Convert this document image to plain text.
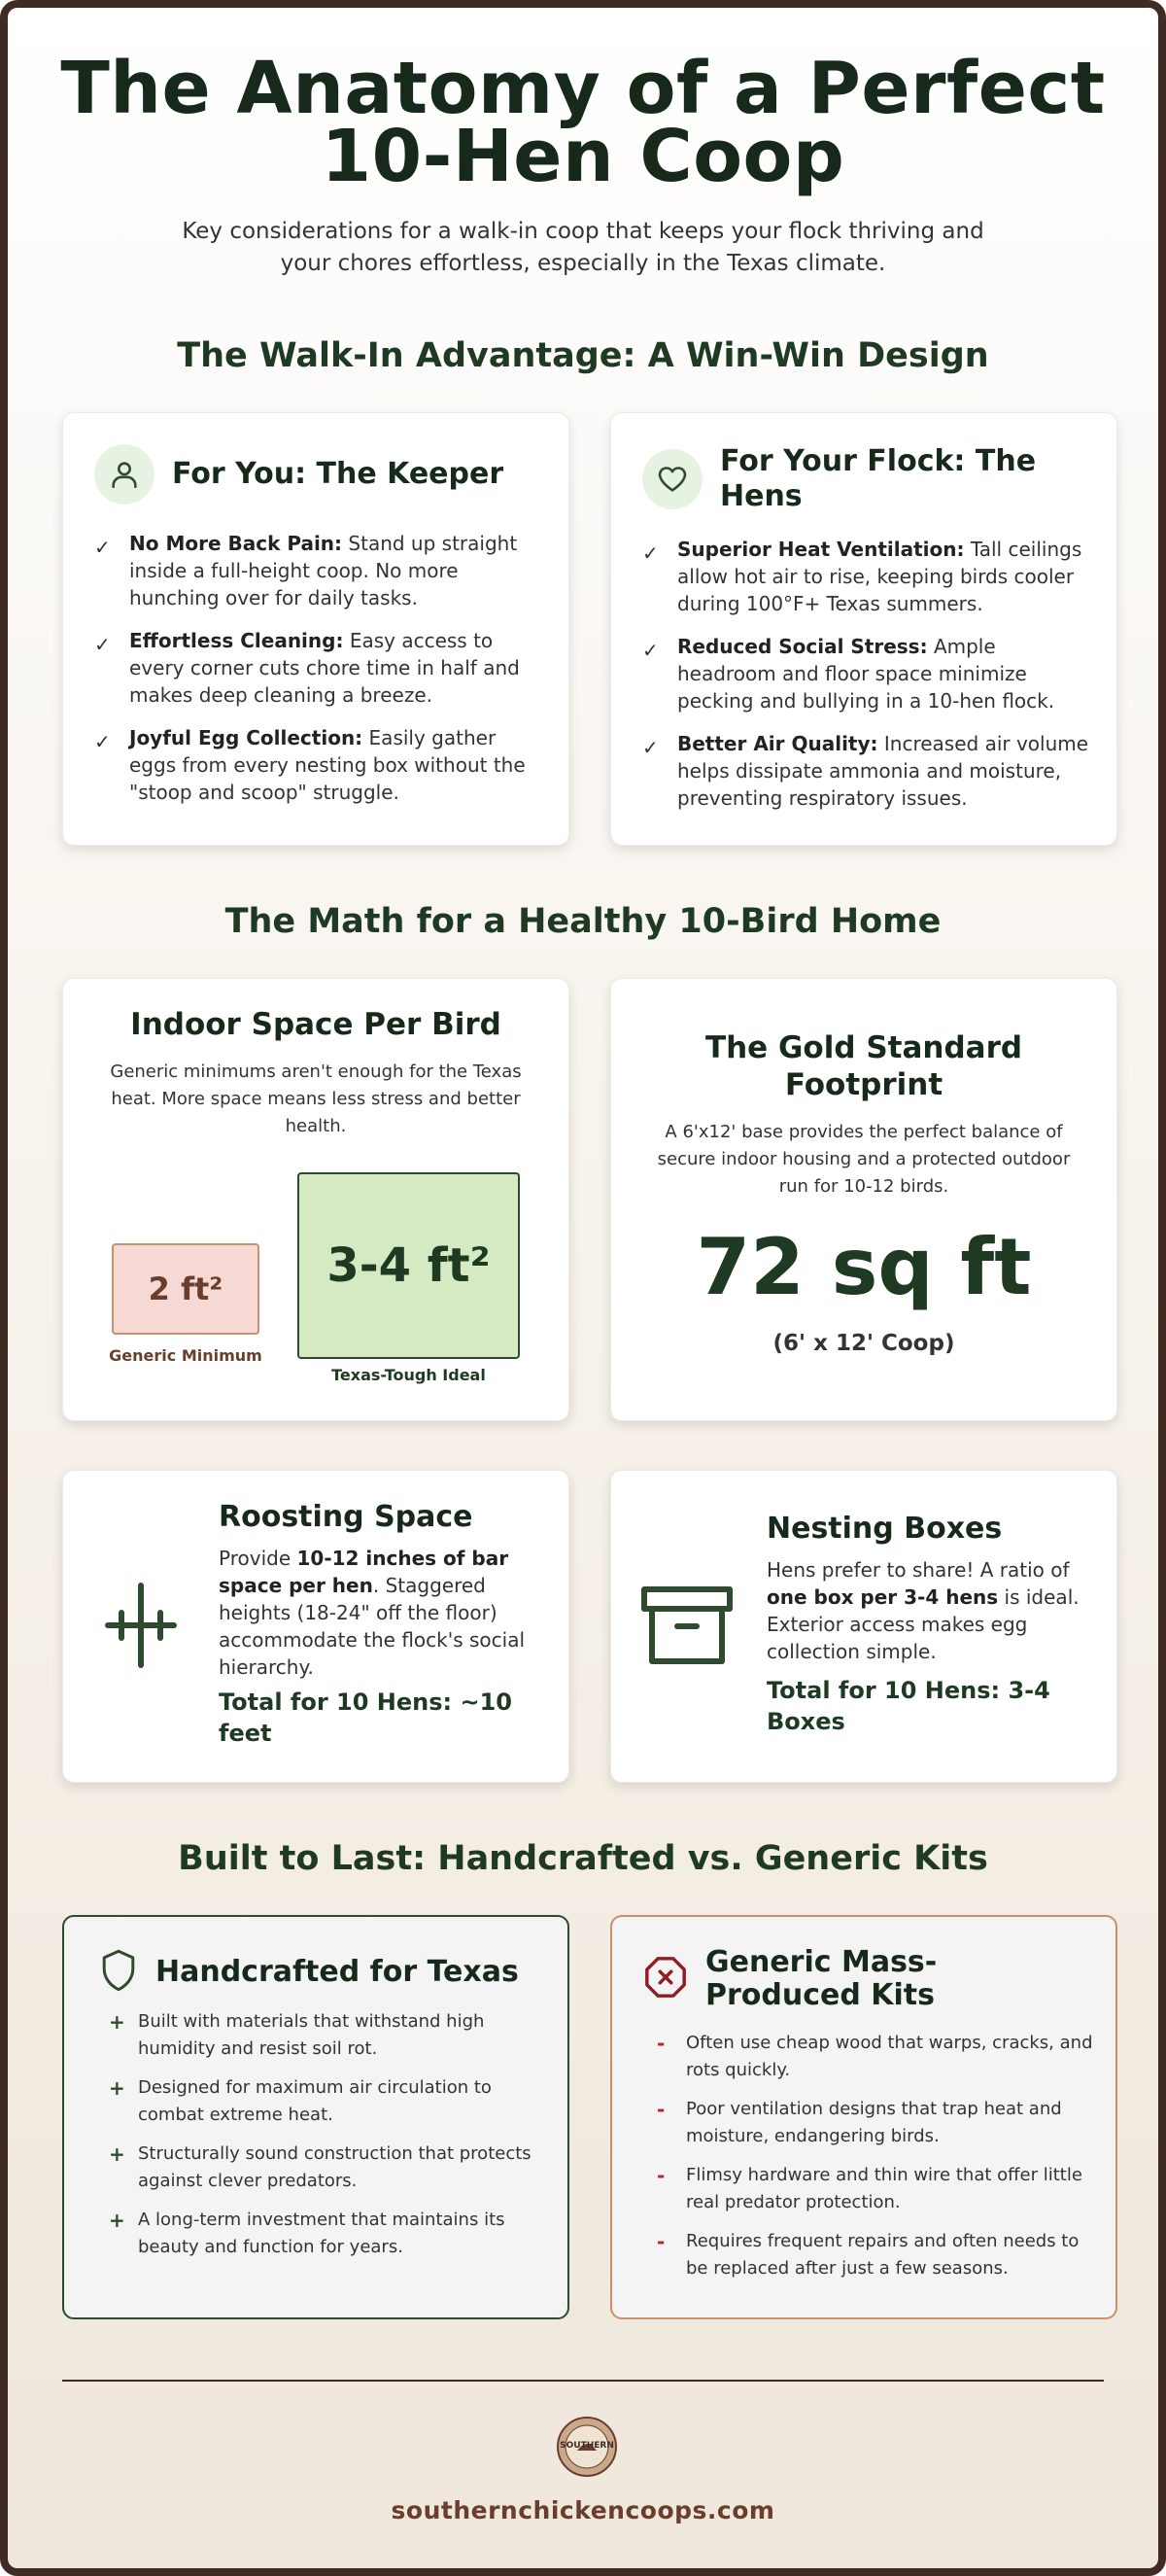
The Anatomy of a Perfect
10-Hen Coop
Key considerations for a walk-in coop that keeps your flock thriving and your chores effortless, especially in the Texas climate.
The Walk-In Advantage: A Win-Win Design
For You: The Keeper
✓ No More Back Pain: Stand up straight inside a full-height coop. No more hunching over for daily tasks.
✓ Effortless Cleaning: Easy access to every corner cuts chore time in half and makes deep cleaning a breeze.
✓ Joyful Egg Collection: Easily gather eggs from every nesting box without the "stoop and scoop" struggle.
For Your Flock: The Hens
✓ Superior Heat Ventilation: Tall ceilings allow hot air to rise, keeping birds cooler during 100°F+ Texas summers.
✓ Reduced Social Stress: Ample headroom and floor space minimize pecking and bullying in a 10-hen flock.
✓ Better Air Quality: Increased air volume helps dissipate ammonia and moisture, preventing respiratory issues.
The Math for a Healthy 10-Bird Home
Indoor Space Per Bird
Generic minimums aren't enough for the Texas heat. More space means less stress and better health.
2 ft²
Generic Minimum
3-4 ft²
Texas-Tough Ideal
The Gold Standard Footprint
A 6'x12' base provides the perfect balance of secure indoor housing and a protected outdoor run for 10-12 birds.
72 sq ft
(6' x 12' Coop)
Roosting Space
Provide 10-12 inches of bar space per hen. Staggered heights (18-24" off the floor) accommodate the flock's social hierarchy.
Total for 10 Hens: ~10 feet
Nesting Boxes
Hens prefer to share! A ratio of one box per 3-4 hens is ideal. Exterior access makes egg collection simple.
Total for 10 Hens: 3-4 Boxes
Built to Last: Handcrafted vs. Generic Kits
Handcrafted for Texas
+ Built with materials that withstand high humidity and resist soil rot.
+ Designed for maximum air circulation to combat extreme heat.
+ Structurally sound construction that protects against clever predators.
+ A long-term investment that maintains its beauty and function for years.
Generic Mass-Produced Kits
- Often use cheap wood that warps, cracks, and rots quickly.
- Poor ventilation designs that trap heat and moisture, endangering birds.
- Flimsy hardware and thin wire that offer little real predator protection.
- Requires frequent repairs and often needs to be replaced after just a few seasons.
SOUTHERN
southernchickencoops.com
